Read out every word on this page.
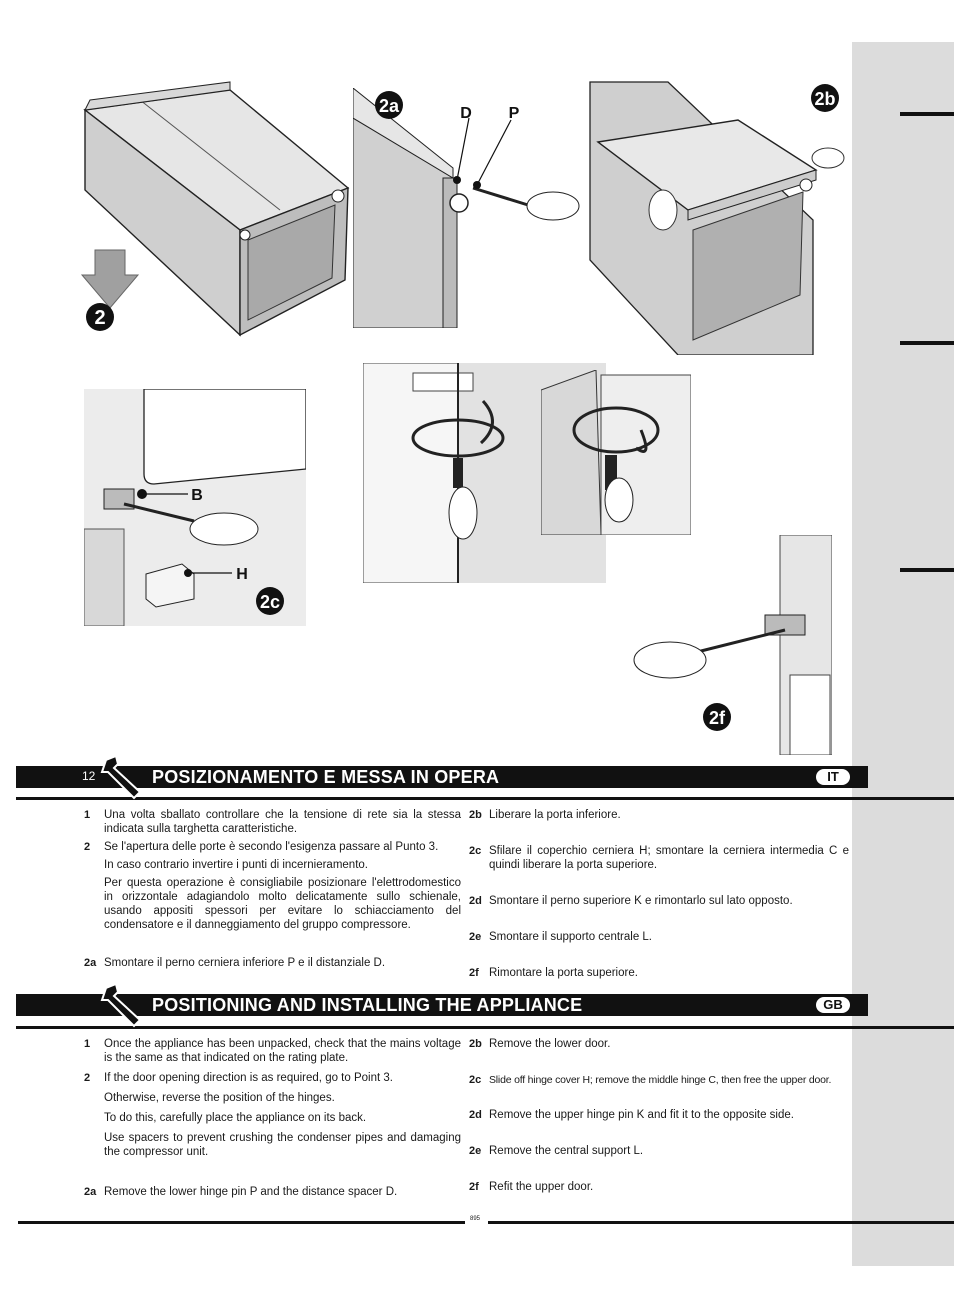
2
D P
2a	2b
B
H
2c
2f
12	POSIZIONAMENTO E MESSA IN OPERA	IT
1 Una volta sballato controllare che la tensione di rete sia la stessa indicata sulla targhetta caratteristiche.
2 Se l'apertura delle porte è secondo l'esigenza passare al Punto 3.
In caso contrario invertire i punti di incernieramento.
Per questa operazione è consigliabile posizionare l'elettrodomestico in orizzontale adagiandolo molto delicatamente sullo schienale, usando appositi spessori per evitare lo schiacciamento del condensatore e il danneggiamento del gruppo compressore.
2a Smontare il perno cerniera inferiore P e il distanziale D.
2b Liberare la porta inferiore.
2c Sfilare il coperchio cerniera H; smontare la cerniera intermedia C e quindi liberare la porta superiore.
2d Smontare il perno superiore K e rimontarlo sul lato opposto.
2e Smontare il supporto centrale L.
2f Rimontare la porta superiore.
POSITIONING AND INSTALLING THE APPLIANCE	GB
1 Once the appliance has been unpacked, check that the mains voltage is the same as that indicated on the rating plate.
2 If the door opening direction is as required, go to Point 3.
Otherwise, reverse the position of the hinges.
To do this, carefully place the appliance on its back.
Use spacers to prevent crushing the condenser pipes and damaging the compressor unit.
2a Remove the lower hinge pin P and the distance spacer D.
2b Remove the lower door.
2c Slide off hinge cover H; remove the middle hinge C, then free the upper door.
2d Remove the upper hinge pin K and fit it to the opposite side.
2e Remove the central support L.
2f Refit the upper door.
895
